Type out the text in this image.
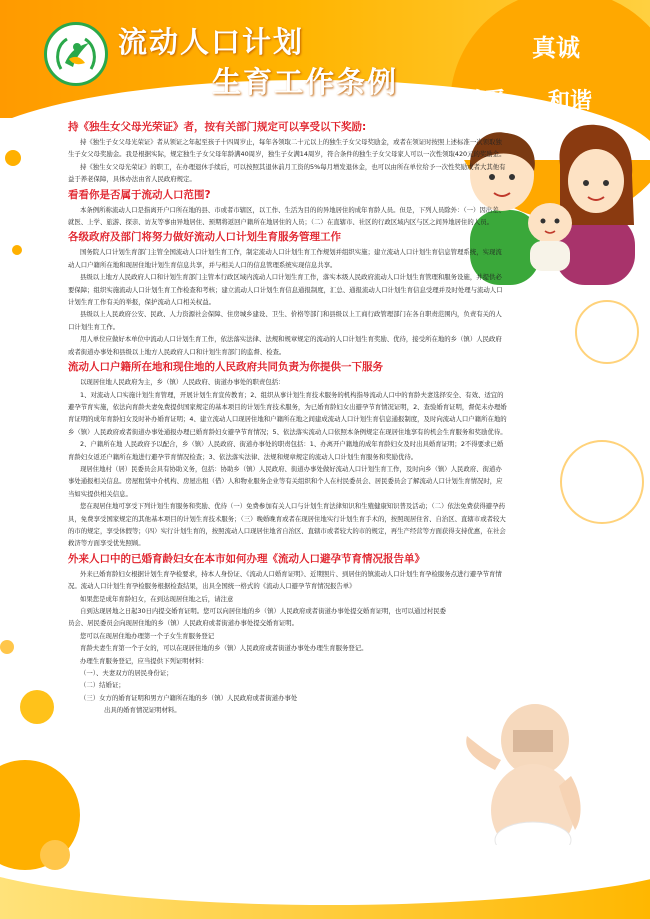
流动人口计划
生育工作条例
真诚
关爱 和谐
持《独生女父母光荣证》者，按有关部门规定可以享受以下奖励:

持《独生子女父母光荣证》者从领证之年起至孩子十四周岁止，每年各领取二十元以上的独生子女父母奖励金，或者在领证时按照上述标准一次领取独生子女父母奖励金。我是根据实际，规定独生子女父母年龄满40周岁，独生子女满14周岁，符合条件的独生子女父母家人可以一次性领取420元的奖励金。

持《独生女父母光荣证》的职工，在办理退休手续后，可以按照其退休前月工资的5%每月增发退休金，也可以由所在单位给予一次性奖励或者大其他有益于养老保障，具体办法由省人民政府规定。

看看你是否属于流动人口范围?

本条例所称流动人口是指离开户口所在地的县、市或者市辖区，以工作、生活为目的的异地居住的成年育龄人员。但是，下列人员除外：（一）因出差、就医、上学、旅游、探亲、访友等事由异地居住、预期将返回户籍所在地居住的人员；（二）在直辖市、社区的行政区域内区与区之间异地居住的人员。

各级政府及部门将努力做好流动人口计划生育服务管理工作

国务院人口计划生育部门主管全国流动人口计划生育工作，制定流动人口计划生育工作规划并组织实施；建立流动人口计划生育信息管理系统，实现流动人口户籍所在地和现居住地计划生育信息共享，并与相关人口的信息管理系统实现信息共享。

县级以上地方人民政府人口和计划生育部门主管本行政区域内流动人口计划生育工作，落实本级人民政府流动人口计划生育管理和服务设施，并提供必要保障；组织实施流动人口计划生育工作检查和考核；建立流动人口计划生育信息通报制度，汇总、通报流动人口计划生育信息受理并及时处理与流动人口计划生育工作有关的举报，保护流动人口相关权益。

县级以上人民政府公安、民政、人力资源社会保障、住房城乡建设、卫生、价格等部门和县级以上工商行政管理部门在各自职责范围内，负责有关的人口计划生育工作。

用人单位应做好本单位中流动人口计划生育工作，依法落实法律、法规和规章规定的流动的人口计划生育奖励、优待，接受所在地的乡（镇）人民政府或者街道办事处和县级以上地方人民政府人口和计划生育部门的监督、检查。

流动人口户籍所在地和现住地的人民政府共同负责为你提供一下服务

以现居住地人民政府为主，乡（镇）人民政府、街道办事处的职责包括：

1、对流动人口实施计划生育管理，开展计划生育宣传教育；2、组织从事计划生育技术服务的机构指导流动人口中的育龄夫妻选择安全、有效、适宜的避孕节育实施，依法向育龄夫妻免费提供国家规定的基本项目的计划生育技术服务，为已婚育龄妇女出避孕节育情况证明，2、查验婚育证明，督促未办理婚育证明的成年育龄妇女及时补办婚育证明；4、建立流动人口现居住地和户籍所在地之间建成流动人口计划生育信息通报制度，及时向流动人口户籍所在地的乡（镇）人民政府或者街道办事处通报办理已婚育龄妇女避孕节育情况；5、依法落实流动人口依照本条例规定在现居住地享有的机会生育服务和奖励优待。

2、户籍所在地 人民政府予以配合，乡（镇）人民政府、街道办事处的职责包括：1、办离开户籍地的成年育龄妇女及时出具婚育证明；2不得要求已婚育龄妇女返还户籍所在地进行避孕节育情况检查；3、依法落实法律、法规和规章规定的流动人口计划生育服务和奖励优待。

现居住地村（居）民委员会具有协助义务，包括：协助乡（镇）人民政府、街道办事处做好流动人口计划生育工作，及时向乡（镇）人民政府、街道办事处通报相关信息。房屋租赁中介机构、房屋出租（借）人和物业服务企业等有关组织和个人在村民委员会、居民委员会了解流动人口计划生育情况时，应当如实提供相关信息。

您在现居住地可享受下列计划生育服务和奖励、优待（一）免费参加有关人口与计划生育法律知识和生殖健康知识普及活动；（二）依法免费获得避孕药具，免费享受国家规定的其他基本项目的计划生育技术服务；（三）晚婚晚育或者在现居住地实行计划生育手术的，按照现居住省、自治区、直辖市或者较大的市的规定，享受休假等；（四）实行计划生育的，按照流动人口现居住地省自治区、直辖市或者较大的市的规定，再生产经营等方面获得支持优惠，在社会救济等方面享受优先照顾。

外来人口中的已婚育龄妇女在本市如何办理《流动人口避孕节育情况报告单》

外来已婚育龄妇女根据计划生育孕检要求，持本人身份证、《流动人口婚育证明》、近期照片、到居住的镇流动人口计划生育孕检服务点进行避孕节育情况。流动人口计划生育孕检服务根据检查结果，出具全国统一格式的《流动人口避孕节育情况报告单》

如果您是成年育龄妇女，在到达现居住地之后，请注意

自到达现居地之日起30日内提交婚育证明。您可以向居住地的乡（镇）人民政府或者街道办事处提交婚育证明，也可以通过村民委员会、居民委员会向现居住地的乡（镇）人民政府或者街道办事处提交婚育证明。

您可以在现居住地办理第一个子女生育服务登记

育龄夫妻生育第一个子女的，可以在现居住地的乡（镇）人民政府或者街道办事处办理生育服务登记。

办理生育服务登记，应当提供下列证明材料：

（一）、夫妻双方的居民身份证；

（二）结婚证；

（三）女方的婚育证明和男方户籍所在地的乡（镇）人民政府或者街道办事处

出具的婚育情况证明材料。
